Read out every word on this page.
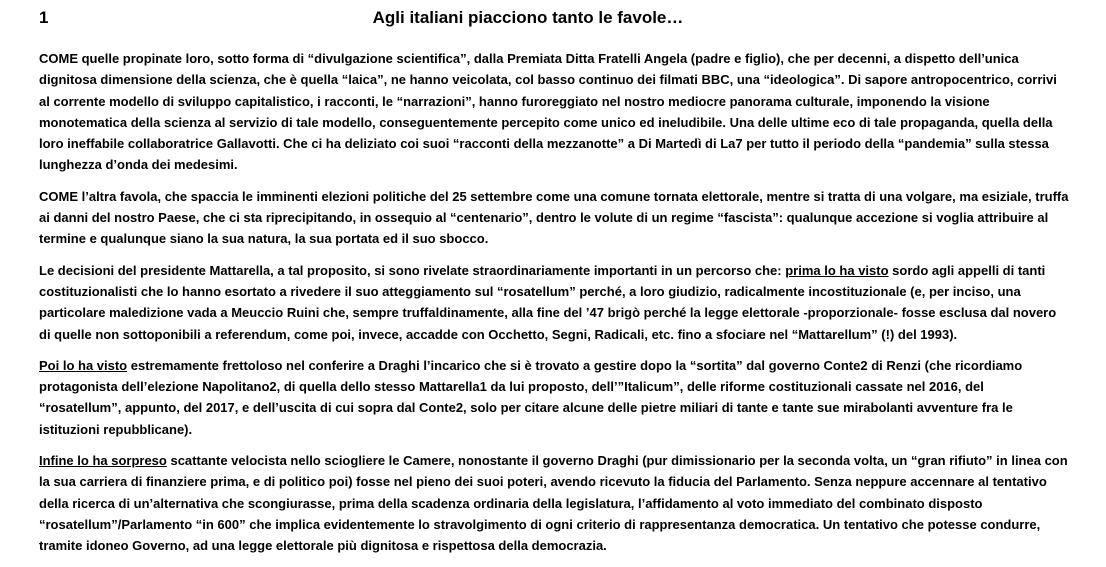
1	Agli italiani piacciono tanto le favole…

COME quelle propinate loro, sotto forma di “divulgazione scientifica”, dalla Premiata Ditta Fratelli Angela (padre e figlio), che per decenni, a dispetto dell’unica dignitosa dimensione della scienza, che è quella “laica”, ne hanno veicolata, col basso continuo dei filmati BBC, una “ideologica”. Di sapore antropocentrico, corrivi al corrente modello di sviluppo capitalistico, i racconti, le “narrazioni”, hanno furoreggiato nel nostro mediocre panorama culturale, imponendo la visione monotematica della scienza al servizio di tale modello, conseguentemente percepito come unico ed ineludibile. Una delle ultime eco di tale propaganda, quella della loro ineffabile collaboratrice Gallavotti. Che ci ha deliziato coi suoi “racconti della mezzanotte” a Di Martedì di La7 per tutto il periodo della “pandemia” sulla stessa lunghezza d’onda dei medesimi.

COME l’altra favola, che spaccia le imminenti elezioni politiche del 25 settembre come una comune tornata elettorale, mentre si tratta di una volgare, ma esiziale, truffa ai danni del nostro Paese, che ci sta riprecipitando, in ossequio al “centenario”, dentro le volute di un regime “fascista”: qualunque accezione si voglia attribuire al termine e qualunque siano la sua natura, la sua portata ed il suo sbocco.

Le decisioni del presidente Mattarella, a tal proposito, si sono rivelate straordinariamente importanti in un percorso che: prima lo ha visto sordo agli appelli di tanti costituzionalisti che lo hanno esortato a rivedere il suo atteggiamento sul “rosatellum” perché, a loro giudizio, radicalmente incostituzionale (e, per inciso, una particolare maledizione vada a Meuccio Ruini che, sempre truffaldinamente, alla fine del ’47 brigò perché la legge elettorale -proporzionale- fosse esclusa dal novero di quelle non sottoponibili a referendum, come poi, invece, accadde con Occhetto, Segni, Radicali, etc. fino a sfociare nel “Mattarellum” (!) del 1993).

Poi lo ha visto estremamente frettoloso nel conferire a Draghi l’incarico che si è trovato a gestire dopo la “sortita” dal governo Conte2 di Renzi (che ricordiamo protagonista dell’elezione Napolitano2, di quella dello stesso Mattarella1 da lui proposto, dell’”Italicum”, delle riforme costituzionali cassate nel 2016, del “rosatellum”, appunto, del 2017, e dell’uscita di cui sopra dal Conte2, solo per citare alcune delle pietre miliari di tante e tante sue mirabolanti avventure fra le istituzioni repubblicane).

Infine lo ha sorpreso scattante velocista nello sciogliere le Camere, nonostante il governo Draghi (pur dimissionario per la seconda volta, un “gran rifiuto” in linea con la sua carriera di finanziere prima, e di politico poi) fosse nel pieno dei suoi poteri, avendo ricevuto la fiducia del Parlamento. Senza neppure accennare al tentativo della ricerca di un’alternativa che scongiurasse, prima della scadenza ordinaria della legislatura, l’affidamento al voto immediato del combinato disposto “rosatellum”/Parlamento “in 600” che implica evidentemente lo stravolgimento di ogni criterio di rappresentanza democratica. Un tentativo che potesse condurre, tramite idoneo Governo, ad una legge elettorale più dignitosa e rispettosa della democrazia.
